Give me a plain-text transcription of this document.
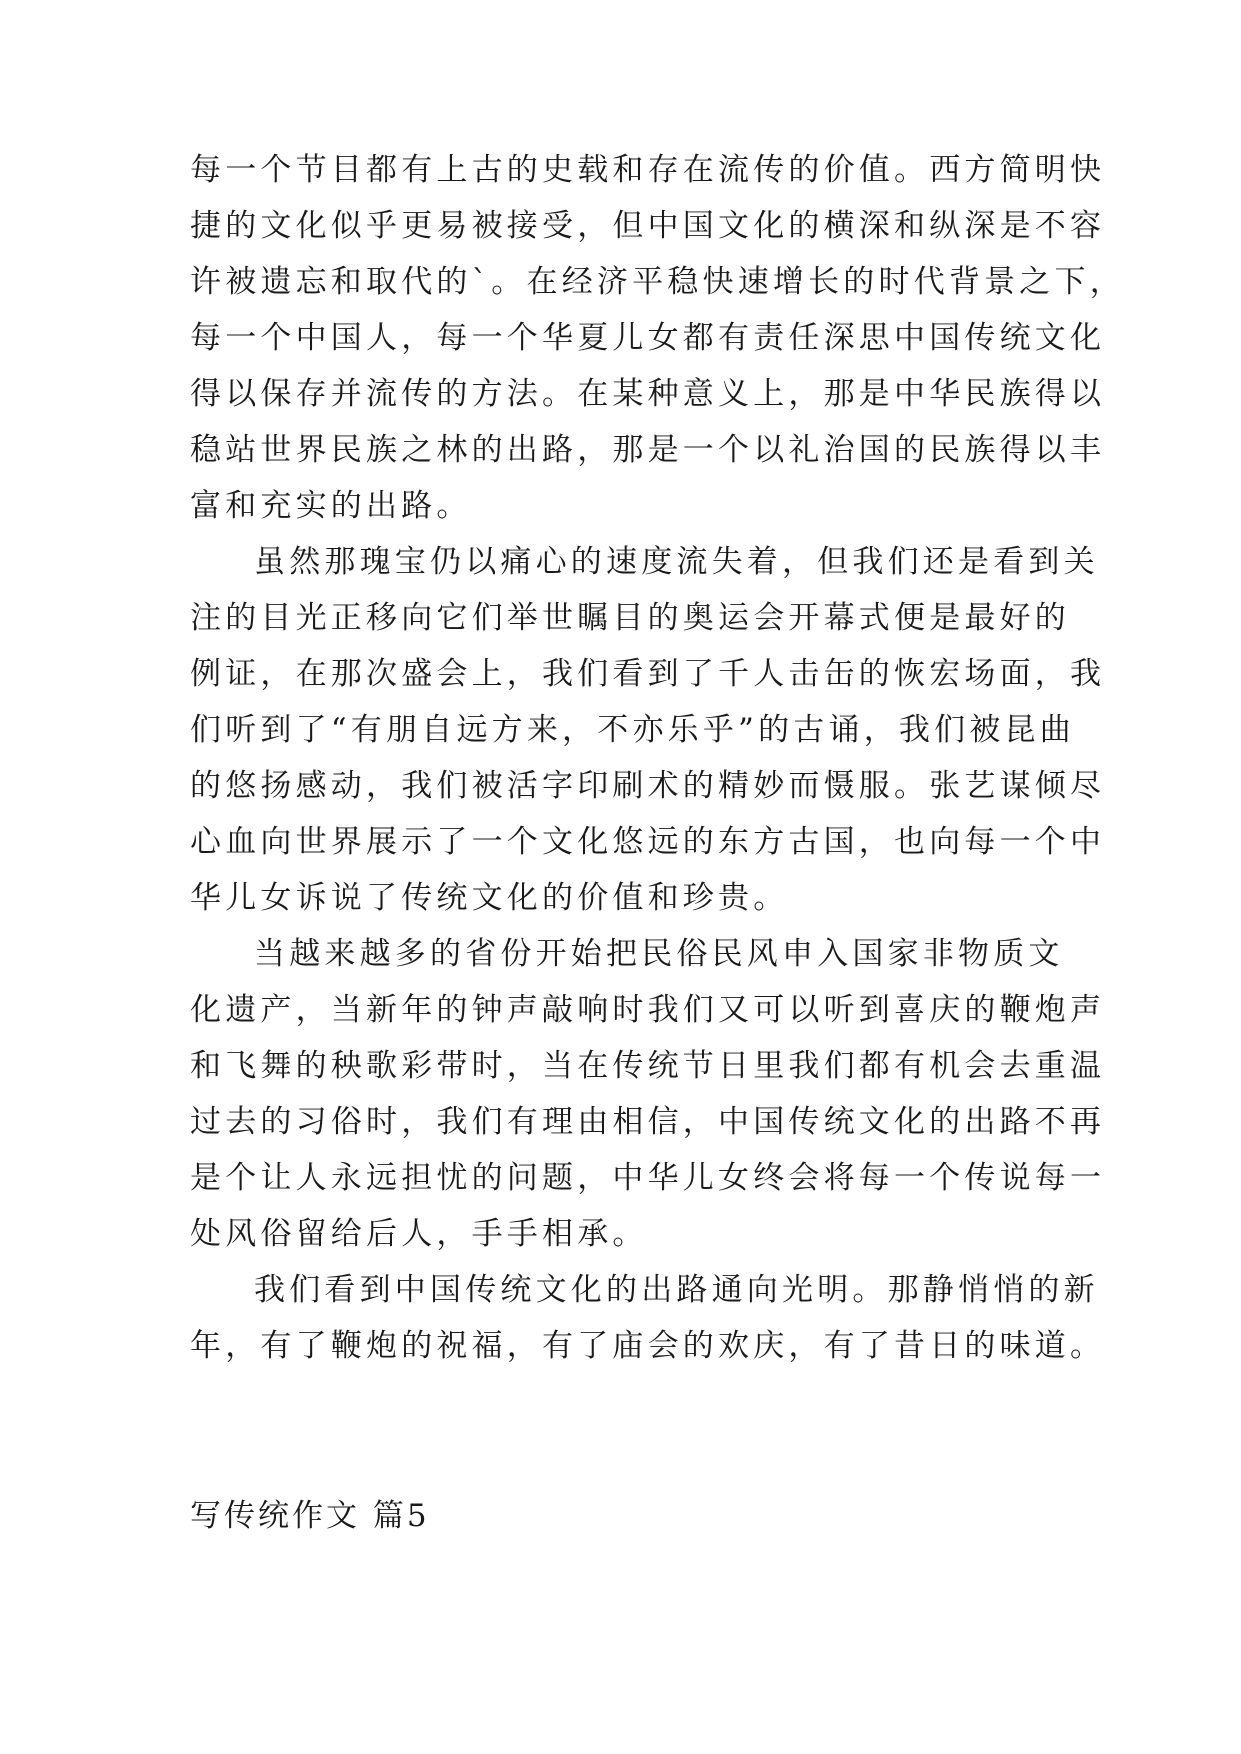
每一个节目都有上古的史载和存在流传的价值。西方简明快
捷的文化似乎更易被接受，但中国文化的横深和纵深是不容
许被遗忘和取代的`。在经济平稳快速增长的时代背景之下，
每一个中国人，每一个华夏儿女都有责任深思中国传统文化
得以保存并流传的方法。在某种意义上，那是中华民族得以
稳站世界民族之林的出路，那是一个以礼治国的民族得以丰
富和充实的出路。
虽然那瑰宝仍以痛心的速度流失着，但我们还是看到关
注的目光正移向它们举世瞩目的奥运会开幕式便是最好的
例证，在那次盛会上，我们看到了千人击缶的恢宏场面，我
们听到了“有朋自远方来，不亦乐乎”的古诵，我们被昆曲
的悠扬感动，我们被活字印刷术的精妙而慑服。张艺谋倾尽
心血向世界展示了一个文化悠远的东方古国，也向每一个中
华儿女诉说了传统文化的价值和珍贵。
当越来越多的省份开始把民俗民风申入国家非物质文
化遗产，当新年的钟声敲响时我们又可以听到喜庆的鞭炮声
和飞舞的秧歌彩带时，当在传统节日里我们都有机会去重温
过去的习俗时，我们有理由相信，中国传统文化的出路不再
是个让人永远担忧的问题，中华儿女终会将每一个传说每一
处风俗留给后人，手手相承。
我们看到中国传统文化的出路通向光明。那静悄悄的新
年，有了鞭炮的祝福，有了庙会的欢庆，有了昔日的味道。
写传统作文 篇5
